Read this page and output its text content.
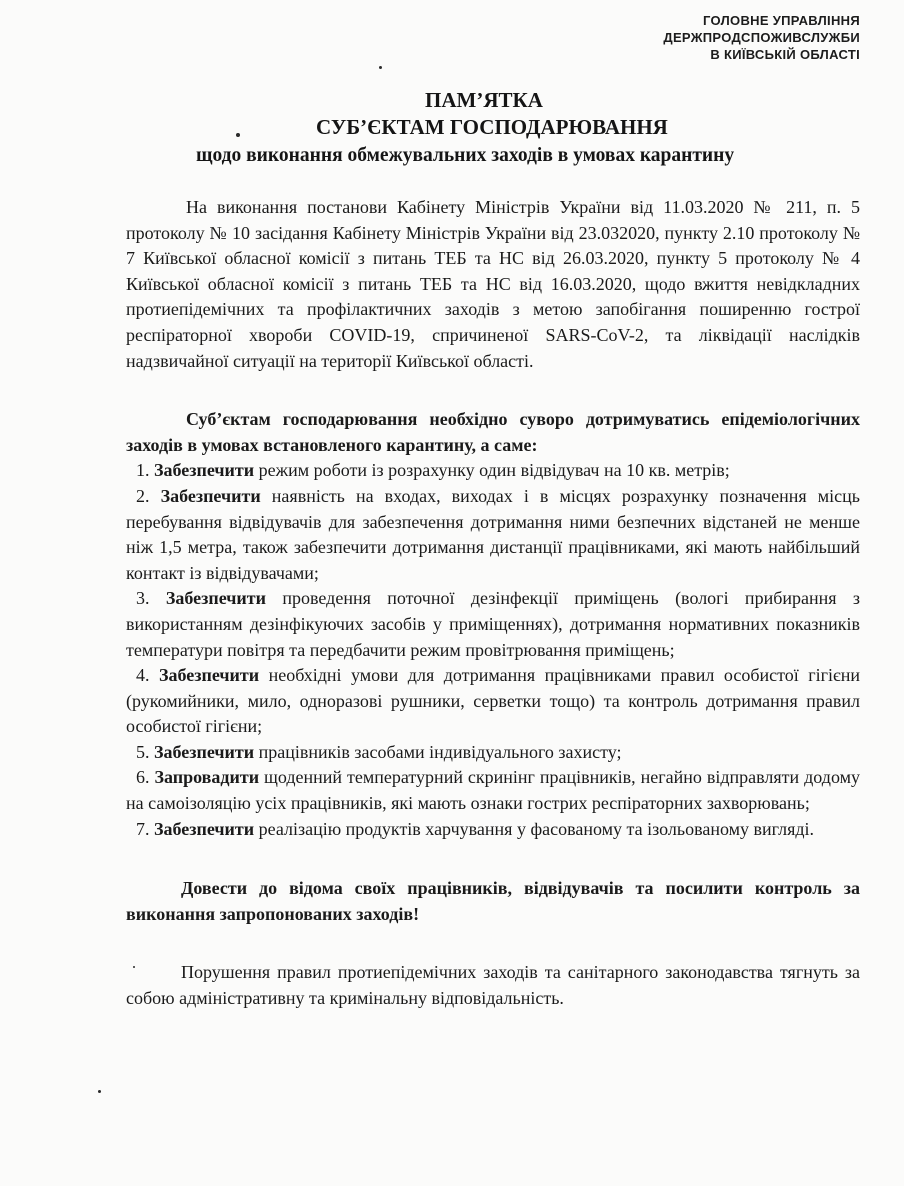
ГОЛОВНЕ УПРАВЛІННЯ
ДЕРЖПРОДСПОЖИВСЛУЖБИ
В КИЇВСЬКІЙ ОБЛАСТІ
ПАМ’ЯТКА
СУБ’ЄКТАМ ГОСПОДАРЮВАННЯ
щодо виконання обмежувальних заходів в умовах карантину

На виконання постанови Кабінету Міністрів України від 11.03.2020 № 211, п. 5 протоколу № 10 засідання Кабінету Міністрів України від 23.032020, пункту 2.10 протоколу № 7 Київської обласної комісії з питань ТЕБ та НС від 26.03.2020, пункту 5 протоколу № 4 Київської обласної комісії з питань ТЕБ та НС від 16.03.2020, щодо вжиття невідкладних протиепідемічних та профілактичних заходів з метою запобігання поширенню гострої респіраторної хвороби COVID-19, спричиненої SARS-CoV-2, та ліквідації наслідків надзвичайної ситуації на території Київської області.

Суб’єктам господарювання необхідно суворо дотримуватись епідеміологічних заходів в умовах встановленого карантину, а саме:

1. Забезпечити режим роботи із розрахунку один відвідувач на 10 кв. метрів;

2. Забезпечити наявність на входах, виходах і в місцях розрахунку позначення місць перебування відвідувачів для забезпечення дотримання ними безпечних відстаней не менше ніж 1,5 метра, також забезпечити дотримання дистанції працівниками, які мають найбільший контакт із відвідувачами;

3. Забезпечити проведення поточної дезінфекції приміщень (вологі прибирання з використанням дезінфікуючих засобів у приміщеннях), дотримання нормативних показників температури повітря та передбачити режим провітрювання приміщень;

4. Забезпечити необхідні умови для дотримання працівниками правил особистої гігієни (рукомийники, мило, одноразові рушники, серветки тощо) та контроль дотримання правил особистої гігієни;

5. Забезпечити працівників засобами індивідуального захисту;

6. Запровадити щоденний температурний скринінг працівників, негайно відправляти додому на самоізоляцію усіх працівників, які мають ознаки гострих респіраторних захворювань;

7. Забезпечити реалізацію продуктів харчування у фасованому та ізольованому вигляді.

Довести до відома своїх працівників, відвідувачів та посилити контроль за виконання запропонованих заходів!

Порушення правил протиепідемічних заходів та санітарного законодавства тягнуть за собою адміністративну та кримінальну відповідальність.
